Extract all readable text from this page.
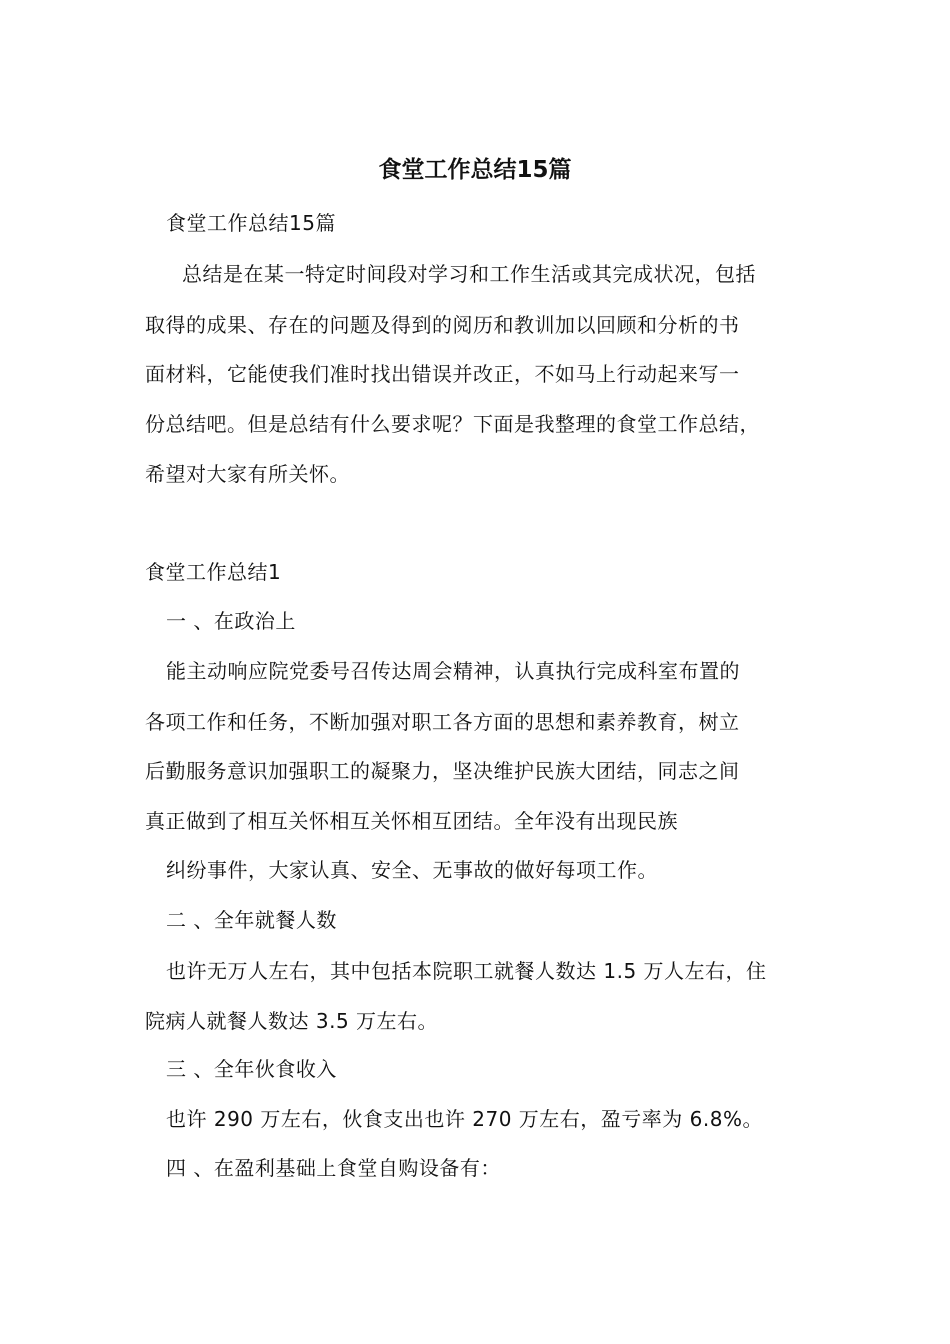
食堂工作总结15篇
食堂工作总结15篇
总结是在某一特定时间段对学习和工作生活或其完成状况，包括
取得的成果、存在的问题及得到的阅历和教训加以回顾和分析的书
面材料，它能使我们准时找出错误并改正，不如马上行动起来写一
份总结吧。但是总结有什么要求呢？下面是我整理的食堂工作总结，
希望对大家有所关怀。
食堂工作总结1
一 、在政治上
能主动响应院党委号召传达周会精神，认真执行完成科室布置的
各项工作和任务，不断加强对职工各方面的思想和素养教育，树立
后勤服务意识加强职工的凝聚力，坚决维护民族大团结，同志之间
真正做到了相互关怀相互关怀相互团结。全年没有出现民族
纠纷事件，大家认真、安全、无事故的做好每项工作。
二 、全年就餐人数
也许无万人左右，其中包括本院职工就餐人数达 1.5 万人左右，住
院病人就餐人数达 3.5 万左右。
三 、全年伙食收入
也许 290 万左右，伙食支出也许 270 万左右，盈亏率为 6.8%。
四 、在盈利基础上食堂自购设备有：
